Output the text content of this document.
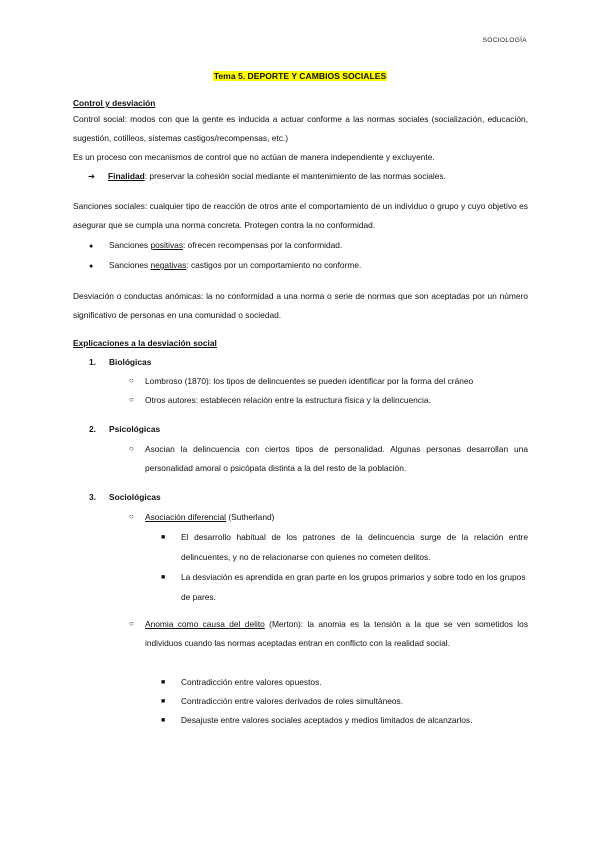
SOCIOLOGÍA
Tema 5. DEPORTE Y CAMBIOS SOCIALES
Control y desviación

Control social: modos con que la gente es inducida a actuar conforme a las normas sociales (socialización, educación, sugestión, cotilleos, sistemas castigos/recompensas, etc.)

Es un proceso con mecanismos de control que no actúan de manera independiente y excluyente.

➔ Finalidad: preservar la cohesión social mediante el mantenimiento de las normas sociales.

Sanciones sociales: cualquier tipo de reacción de otros ante el comportamiento de un individuo o grupo y cuyo objetivo es asegurar que se cumpla una norma concreta. Protegen contra la no conformidad.

● Sanciones positivas: ofrecen recompensas por la conformidad.
● Sanciones negativas: castigos por un comportamiento no conforme.

Desviación o conductas anómicas: la no conformidad a una norma o serie de normas que son aceptadas por un número significativo de personas en una comunidad o sociedad.

Explicaciones a la desviación social
1. Biológicas
○ Lombroso (1870): los tipos de delincuentes se pueden identificar por la forma del cráneo
○ Otros autores: establecen relación entre la estructura física y la delincuencia.
2. Psicológicas
○ Asocian la delincuencia con ciertos tipos de personalidad. Algunas personas desarrollan una personalidad amoral o psicópata distinta a la del resto de la población.
3. Sociológicas
○ Asociación diferencial (Sutherland)
■ El desarrollo habitual de los patrones de la delincuencia surge de la relación entre delincuentes, y no de relacionarse con quienes no cometen delitos.
■ La desviación es aprendida en gran parte en los grupos primarios y sobre todo en los grupos de pares.
○ Anomia como causa del delito (Merton): la anomia es la tensión a la que se ven sometidos los individuos cuando las normas aceptadas entran en conflicto con la realidad social.
■ Contradicción entre valores opuestos.
■ Contradicción entre valores derivados de roles simultáneos.
■ Desajuste entre valores sociales aceptados y medios limitados de alcanzarlos.
